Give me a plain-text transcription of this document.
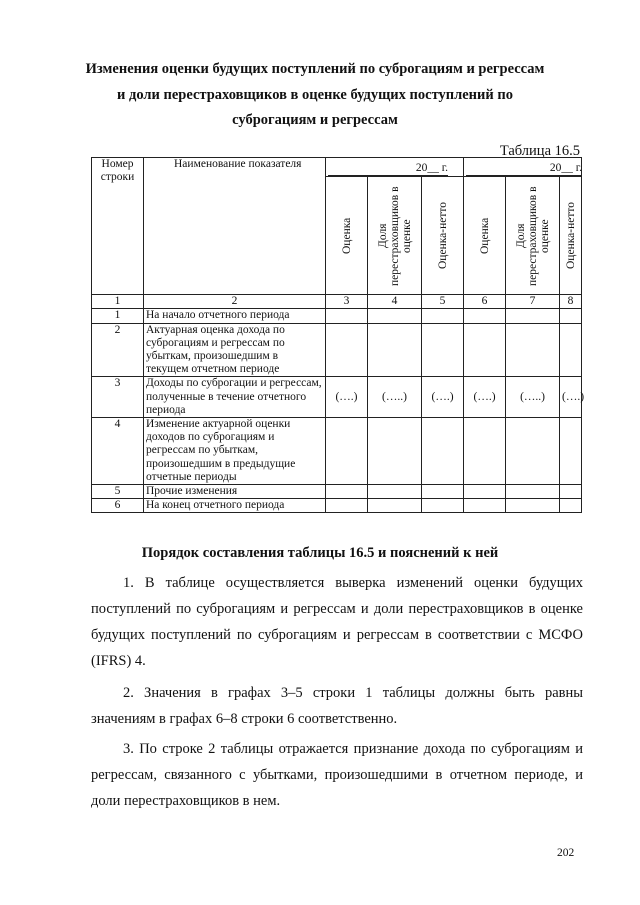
Изменения оценки будущих поступлений по суброгациям и регрессам
и доли перестраховщиков в оценке будущих поступлений по
суброгациям и регрессам
Таблица 16.5
Номер строки	Наименование показателя	20__ г.			20__ г.		

		Оценка	Доля перестраховщиков в оценке	Оценка-нетто	Оценка	Доля перестраховщиков в оценке	Оценка-нетто

1	2	3	4	5	6	7	8
1	На начало отчетного периода						
2	Актуарная оценка дохода по суброгациям и регрессам по убыткам, произошедшим в текущем отчетном периоде						
3	Доходы по суброгации и регрессам, полученные в течение отчетного периода	(….)	(…..)	(….)	(….)	(…..)	(….)
4	Изменение актуарной оценки доходов по суброгациям и регрессам по убыткам, произошедшим в предыдущие отчетные периоды						
5	Прочие изменения						
6	На конец отчетного периода						
Порядок составления таблицы 16.5 и пояснений к ней

1. В таблице осуществляется выверка изменений оценки будущих поступлений по суброгациям и регрессам и доли перестраховщиков в оценке будущих поступлений по суброгациям и регрессам в соответствии с МСФО (IFRS) 4.

2. Значения в графах 3–5 строки 1 таблицы должны быть равны значениям в графах 6–8 строки 6 соответственно.

3. По строке 2 таблицы отражается признание дохода по суброгациям и регрессам, связанного с убытками, произошедшими в отчетном периоде, и доли перестраховщиков в нем.

202
